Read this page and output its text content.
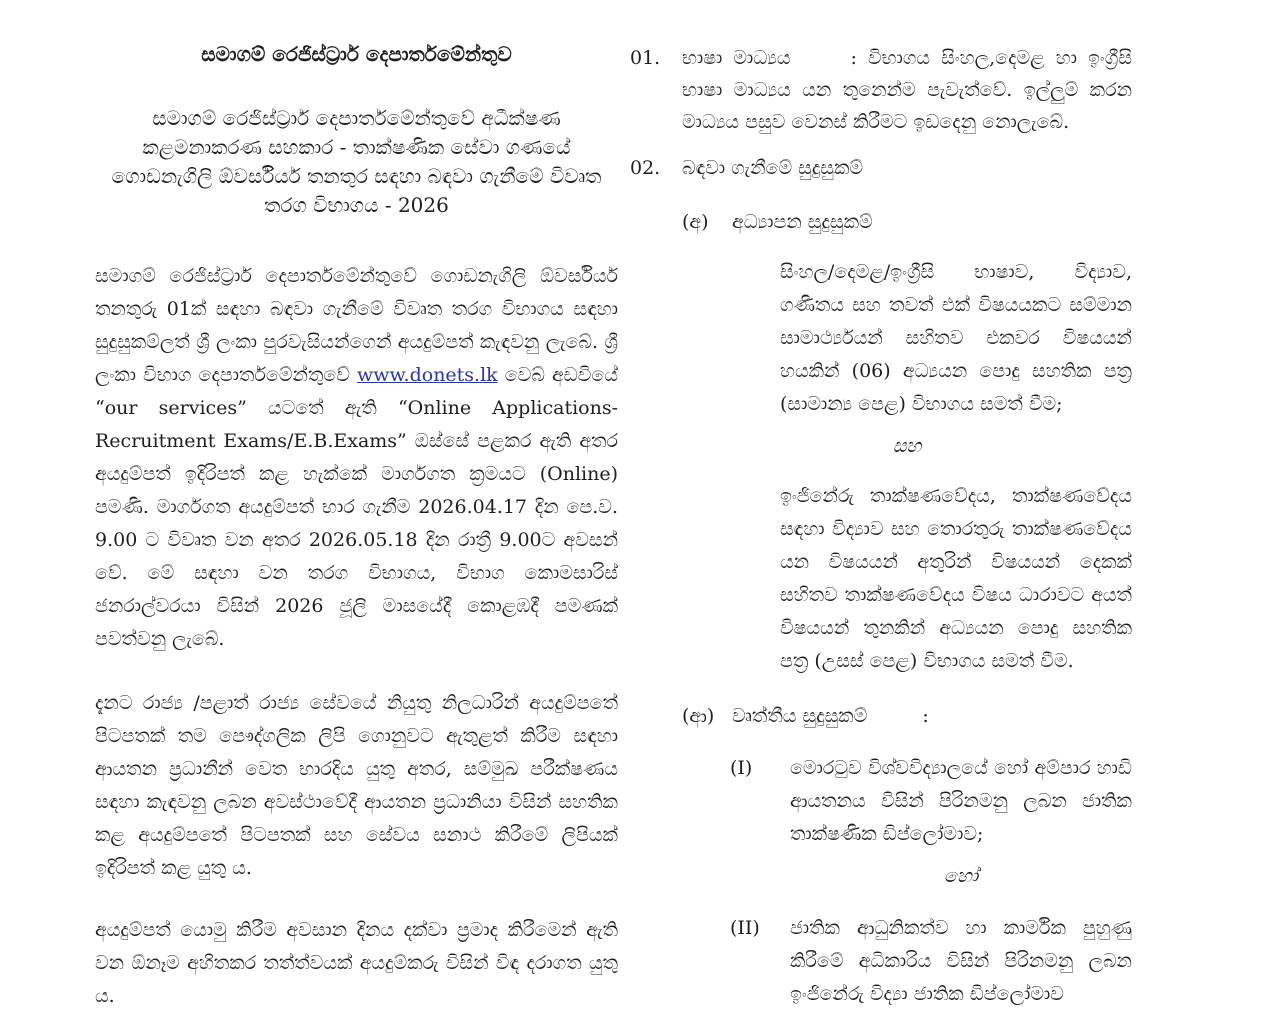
සමාගම් රෙජිස්ට්‍රාර් දෙපාර්තමේන්තුව
සමාගම් රෙජිස්ට්‍රාර් දෙපාර්තමේන්තුවේ අධීක්ෂණ කළමනාකරණ සහකාර - තාක්ෂණික සේවා ගණයේ ගොඩනැගිලි ඕවර්සියර් තනතුර සඳහා බඳවා ගැනීමේ විවෘත තරග විභාගය - 2026

සමාගම් රෙජිස්ට්‍රාර් දෙපාර්තමේන්තුවේ ගොඩනැගිලි ඕවර්සියර් තනතුරු 01ක් සඳහා බඳවා ගැනීමේ විවෘත තරග විභාගය සඳහා සුදුසුකම්ලත් ශ්‍රී ලංකා පුරවැසියන්ගෙන් අයදුම්පත් කැඳවනු ලැබේ. ශ්‍රී ලංකා විභාග දෙපාර්තමේන්තුවේ www.donets.lk වෙබ් අඩවියේ “our services” යටතේ ඇති “Online Applications-Recruitment Exams/E.B.Exams” ඔස්සේ පළකර ඇති අතර අයදුම්පත් ඉදිරිපත් කළ හැක්කේ මාර්ගගත ක්‍රමයට (Online) පමණි. මාර්ගගත අයදුම්පත් භාර ගැනීම 2026.04.17 දින පෙ.ව. 9.00 ට විවෘත වන අතර 2026.05.18 දින රාත්‍රී 9.00ට අවසන් වේ. මේ සඳහා වන තරග විභාගය, විභාග කොමසාරිස් ජනරාල්වරයා විසින් 2026 ජූලි මාසයේදී කොළඹදී පමණක් පවත්වනු ලැබේ.

දැනට රාජ්‍ය /පළාත් රාජ්‍ය සේවයේ නියුතු නිලධාරින් අයදුම්පතේ පිටපතක් තම පෞද්ගලික ලිපි ගොනුවට ඇතුළත් කිරීම සඳහා ආයතන ප්‍රධානීන් වෙත භාරදිය යුතු අතර, සම්මුඛ පරීක්ෂණය සඳහා කැඳවනු ලබන අවස්ථාවේදී ආයතන ප්‍රධානියා විසින් සහතික කළ අයදුම්පතේ පිටපතක් සහ සේවය සනාථ කිරීමේ ලිපියක් ඉදිරිපත් කළ යුතු ය.

අයදුම්පත් යොමු කිරීම අවසාන දිනය දක්වා ප්‍රමාද කිරීමෙන් ඇති වන ඕනෑම අහිතකර තත්ත්වයක් අයදුම්කරු විසින් විඳ දරාගත යුතු ය.

01.	භාෂා මාධ්‍යය	: විභාගය සිංහල,දෙමළ හා ඉංග්‍රීසි භාෂා මාධ්‍යය යන තුනෙන්ම පැවැත්වේ. ඉල්ලුම් කරන මාධ්‍යය පසුව වෙනස් කිරීමට ඉඩදෙනු නොලැබේ.
02.	බඳවා ගැනීමේ සුදුසුකම්
(අ)	අධ්‍යාපන සුදුසුකම්

සිංහල/දෙමළ/ඉංග්‍රීසි භාෂාව, විද්‍යාව, ගණිතය සහ තවත් එක් විෂයයකට සම්මාන සාමාර්ථ්‍යයන් සහිතව එකවර විෂයයන් හයකින් (06) අධ්‍යයන පොදු සහතික පත්‍ර (සාමාන්‍ය පෙළ) විභාගය සමත් වීම;

සහ

ඉංජිනේරු තාක්ෂණවේදය, තාක්ෂණවේදය සඳහා විද්‍යාව සහ තොරතුරු තාක්ෂණවේදය යන විෂයයන් අතුරින් විෂයයන් දෙකක් සහිතව තාක්ෂණවේදය විෂය ධාරාවට අයත් විෂයයන් තුනකින් අධ්‍යයන පොදු සහතික පත්‍ර (උසස් පෙළ) විභාගය සමත් වීම.

(ආ) වෘත්තීය සුදුසුකම්	:
(I)	මොරටුව විශ්වවිද්‍යාලයේ හෝ අම්පාර හාඩි ආයතනය විසින් පිරිනමනු ලබන ජාතික තාක්ෂණික ඩිප්ලෝමාව;
හෝ
(II)	ජාතික ආධුනිකත්ව හා කාර්මික පුහුණු කිරීමේ අධිකාරිය විසින් පිරිනමනු ලබන ඉංජිනේරු විද්‍යා ජාතික ඩිප්ලෝමාව
